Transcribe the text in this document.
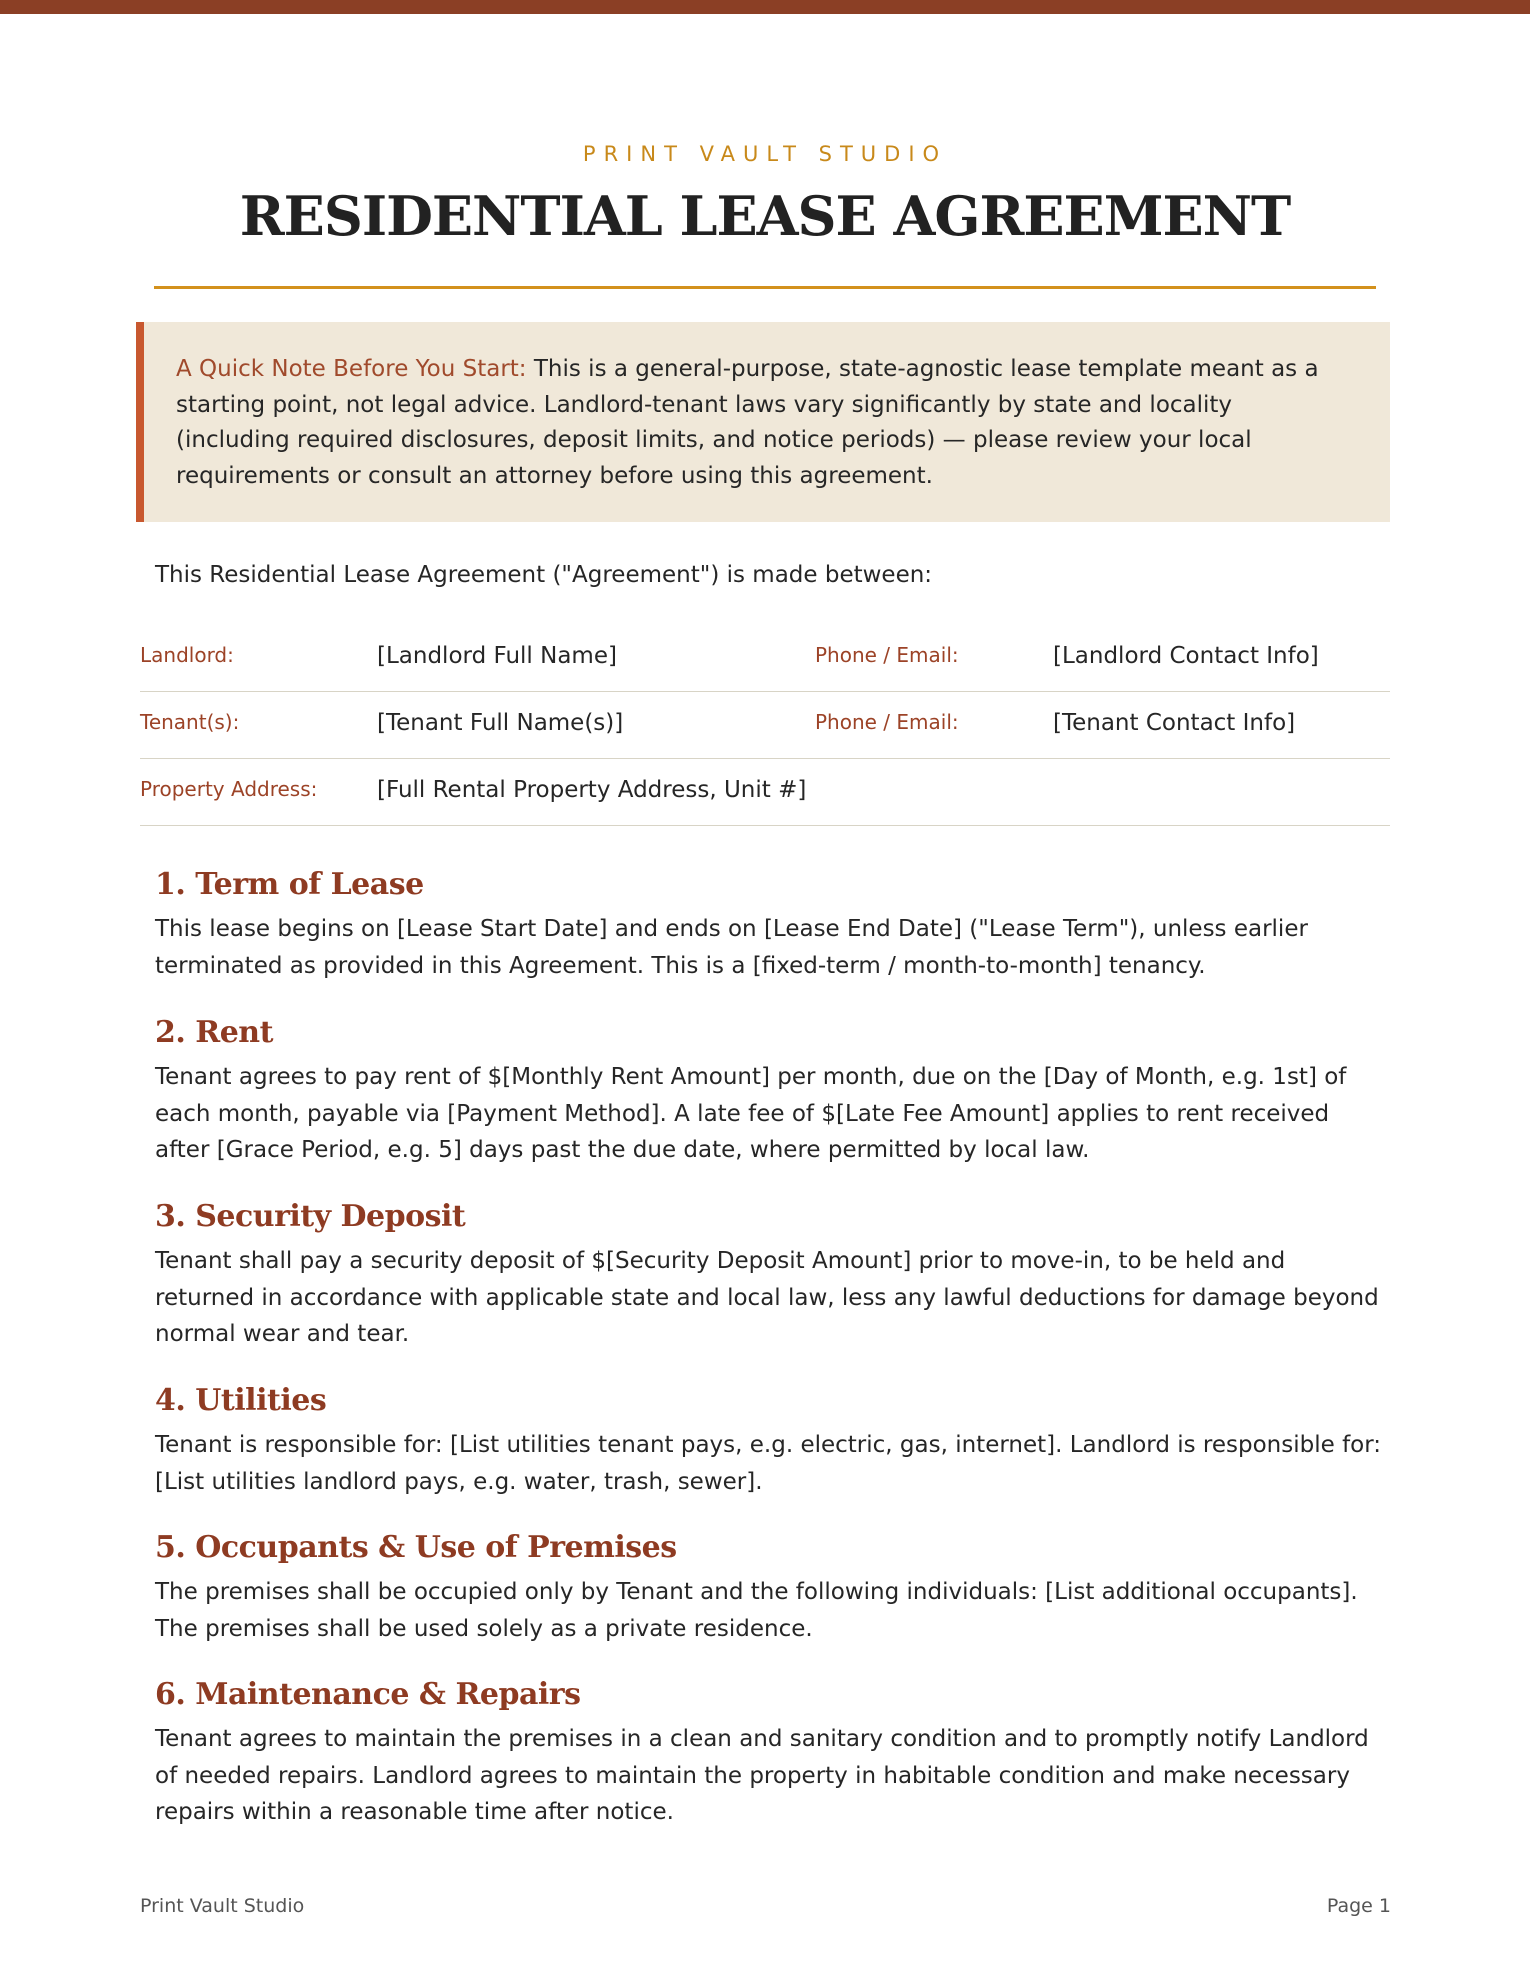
PRINT VAULT STUDIO
RESIDENTIAL LEASE AGREEMENT
A Quick Note Before You Start: This is a general-purpose, state-agnostic lease template meant as a starting point, not legal advice. Landlord-tenant laws vary significantly by state and locality (including required disclosures, deposit limits, and notice periods) — please review your local requirements or consult an attorney before using this agreement.
This Residential Lease Agreement ("Agreement") is made between:
Landlord:	[Landlord Full Name]	Phone / Email:	[Landlord Contact Info]
Tenant(s):	[Tenant Full Name(s)]	Phone / Email:	[Tenant Contact Info]
Property Address:	[Full Rental Property Address, Unit #]
1. Term of Lease

This lease begins on [Lease Start Date] and ends on [Lease End Date] ("Lease Term"), unless earlier terminated as provided in this Agreement. This is a [fixed-term / month-to-month] tenancy.

2. Rent

Tenant agrees to pay rent of $[Monthly Rent Amount] per month, due on the [Day of Month, e.g. 1st] of each month, payable via [Payment Method]. A late fee of $[Late Fee Amount] applies to rent received after [Grace Period, e.g. 5] days past the due date, where permitted by local law.

3. Security Deposit

Tenant shall pay a security deposit of $[Security Deposit Amount] prior to move-in, to be held and returned in accordance with applicable state and local law, less any lawful deductions for damage beyond normal wear and tear.

4. Utilities

Tenant is responsible for: [List utilities tenant pays, e.g. electric, gas, internet]. Landlord is responsible for: [List utilities landlord pays, e.g. water, trash, sewer].

5. Occupants & Use of Premises

The premises shall be occupied only by Tenant and the following individuals: [List additional occupants]. The premises shall be used solely as a private residence.

6. Maintenance & Repairs

Tenant agrees to maintain the premises in a clean and sanitary condition and to promptly notify Landlord of needed repairs. Landlord agrees to maintain the property in habitable condition and make necessary repairs within a reasonable time after notice.

Print Vault Studio	Page 1
